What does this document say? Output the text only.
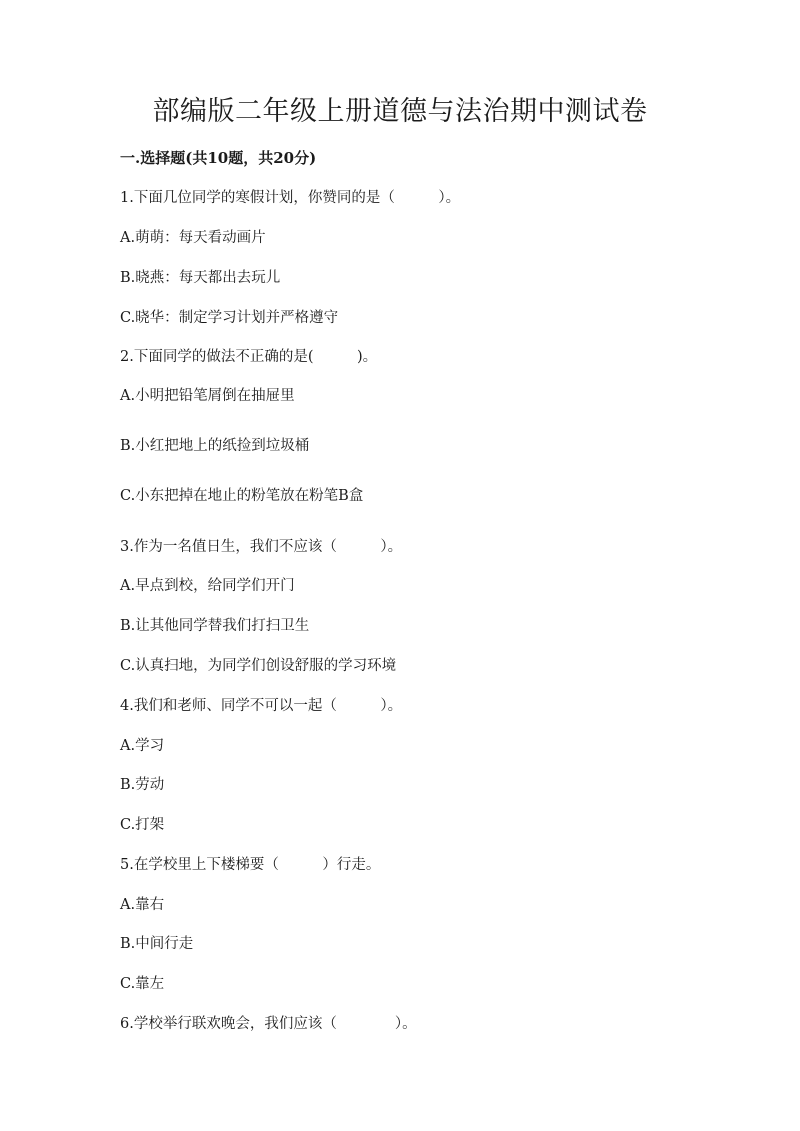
部编版二年级上册道德与法治期中测试卷

一.选择题(共10题，共20分)

1.下面几位同学的寒假计划，你赞同的是（　　　）。

A.萌萌：每天看动画片

B.晓燕：每天都出去玩儿

C.晓华：制定学习计划并严格遵守

2.下面同学的做法不正确的是(　　　)。

A.小明把铅笔屑倒在抽屉里

B.小红把地上的纸捡到垃圾桶

C.小东把掉在地止的粉笔放在粉笔B盒

3.作为一名值日生，我们不应该（　　　）。

A.早点到校，给同学们开门

B.让其他同学替我们打扫卫生

C.认真扫地，为同学们创设舒服的学习环境

4.我们和老师、同学不可以一起（　　　）。

A.学习

B.劳动

C.打架

5.在学校里上下楼梯要（　　　）行走。

A.靠右

B.中间行走

C.靠左

6.学校举行联欢晚会，我们应该（　　　　）。
